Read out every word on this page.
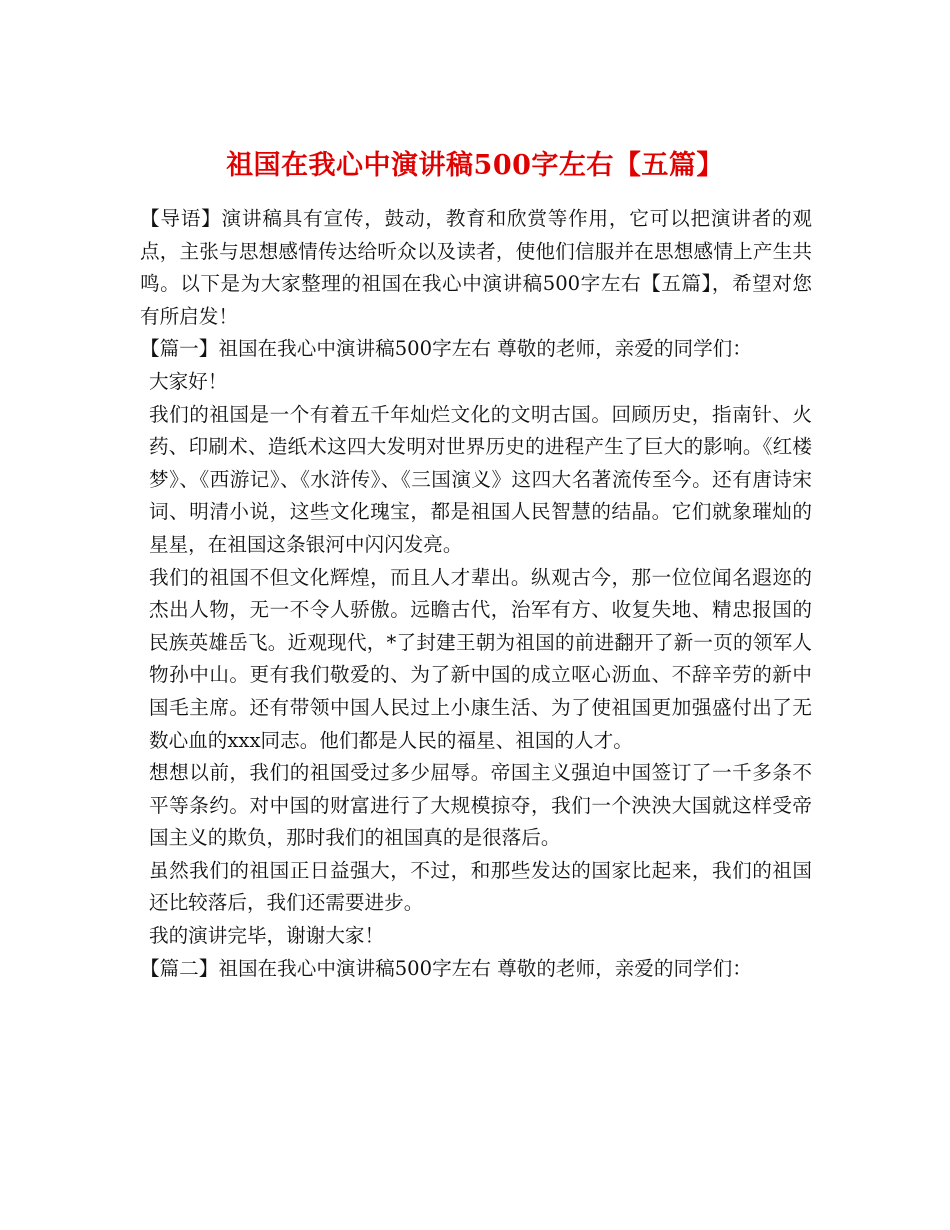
祖国在我心中演讲稿500字左右【五篇】

【导语】演讲稿具有宣传，鼓动，教育和欣赏等作用，它可以把演讲者的观点，主张与思想感情传达给听众以及读者，使他们信服并在思想感情上产生共鸣。以下是为大家整理的祖国在我心中演讲稿500字左右【五篇】，希望对您有所启发！

【篇一】祖国在我心中演讲稿500字左右 尊敬的老师，亲爱的同学们：

大家好！

我们的祖国是一个有着五千年灿烂文化的文明古国。回顾历史，指南针、火药、印刷术、造纸术这四大发明对世界历史的进程产生了巨大的影响。《红楼梦》、《西游记》、《水浒传》、《三国演义》这四大名著流传至今。还有唐诗宋词、明清小说，这些文化瑰宝，都是祖国人民智慧的结晶。它们就象璀灿的星星，在祖国这条银河中闪闪发亮。

我们的祖国不但文化辉煌，而且人才辈出。纵观古今，那一位位闻名遐迩的杰出人物，无一不令人骄傲。远瞻古代，治军有方、收复失地、精忠报国的民族英雄岳飞。近观现代，*了封建王朝为祖国的前进翻开了新一页的领军人物孙中山。更有我们敬爱的、为了新中国的成立呕心沥血、不辞辛劳的新中国毛主席。还有带领中国人民过上小康生活、为了使祖国更加强盛付出了无数心血的xxx同志。他们都是人民的福星、祖国的人才。

想想以前，我们的祖国受过多少屈辱。帝国主义强迫中国签订了一千多条不平等条约。对中国的财富进行了大规模掠夺，我们一个泱泱大国就这样受帝国主义的欺负，那时我们的祖国真的是很落后。

虽然我们的祖国正日益强大，不过，和那些发达的国家比起来，我们的祖国还比较落后，我们还需要进步。

我的演讲完毕，谢谢大家！

【篇二】祖国在我心中演讲稿500字左右 尊敬的老师，亲爱的同学们：
